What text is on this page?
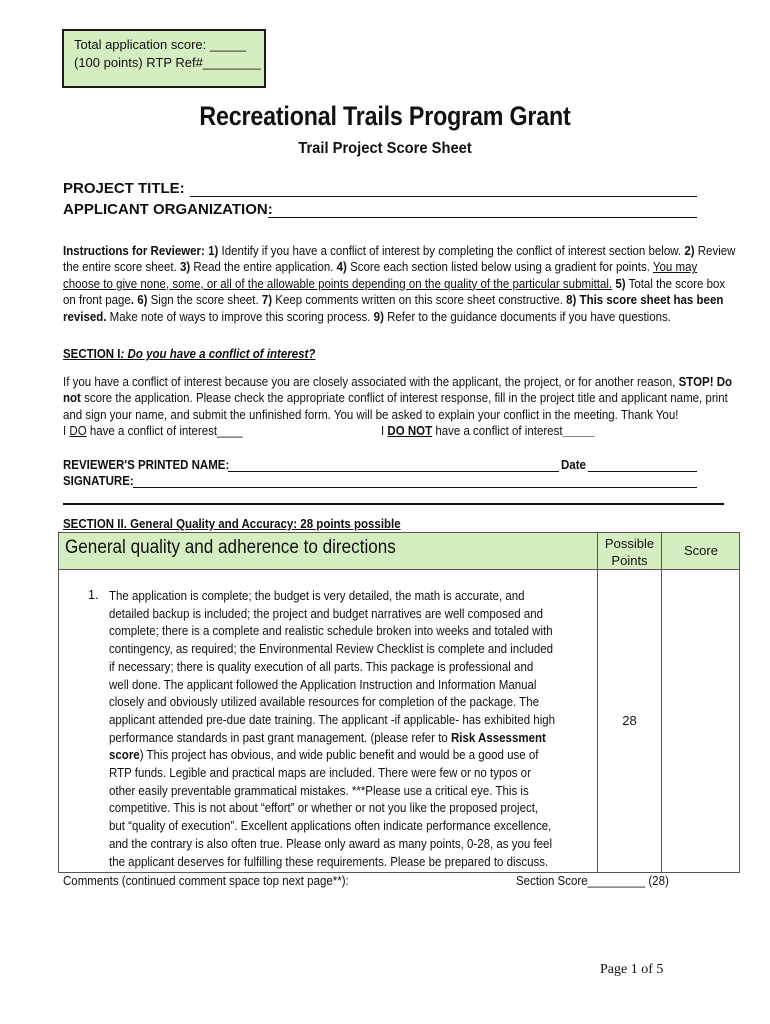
Total application score: _____
(100 points) RTP Ref#________
Recreational Trails Program Grant
Trail Project Score Sheet
PROJECT TITLE:
APPLICANT ORGANIZATION:
Instructions for Reviewer: 1) Identify if you have a conflict of interest by completing the conflict of interest section below. 2) Review
the entire score sheet. 3) Read the entire application. 4) Score each section listed below using a gradient for points. You may
choose to give none, some, or all of the allowable points depending on the quality of the particular submittal. 5) Total the score box
on front page. 6) Sign the score sheet. 7) Keep comments written on this score sheet constructive. 8) This score sheet has been
revised. Make note of ways to improve this scoring process. 9) Refer to the guidance documents if you have questions.
SECTION I: Do you have a conflict of interest?
If you have a conflict of interest because you are closely associated with the applicant, the project, or for another reason, STOP! Do
not score the application. Please check the appropriate conflict of interest response, fill in the project title and applicant name, print
and sign your name, and submit the unfinished form. You will be asked to explain your conflict in the meeting. Thank You!
I DO have a conflict of interest____	I DO NOT have a conflict of interest_____
REVIEWER'S PRINTED NAME:	Date
SIGNATURE:
SECTION II. General Quality and Accuracy: 28 points possible
General quality and adherence to directions	Possible
Points
Score
1. The application is complete; the budget is very detailed, the math is accurate, and
detailed backup is included; the project and budget narratives are well composed and
complete; there is a complete and realistic schedule broken into weeks and totaled with
contingency, as required; the Environmental Review Checklist is complete and included
if necessary; there is quality execution of all parts. This package is professional and
well done. The applicant followed the Application Instruction and Information Manual
closely and obviously utilized available resources for completion of the package. The
applicant attended pre-due date training. The applicant -if applicable- has exhibited high
performance standards in past grant management. (please refer to Risk Assessment
score) This project has obvious, and wide public benefit and would be a good use of
RTP funds. Legible and practical maps are included. There were few or no typos or
other easily preventable grammatical mistakes. ***Please use a critical eye. This is
competitive. This is not about “effort” or whether or not you like the proposed project,
but “quality of execution”. Excellent applications often indicate performance excellence,
and the contrary is also often true. Please only award as many points, 0-28, as you feel
the applicant deserves for fulfilling these requirements. Please be prepared to discuss.
28
Comments (continued comment space top next page**):	Section Score_________ (28)
Page 1 of 5
